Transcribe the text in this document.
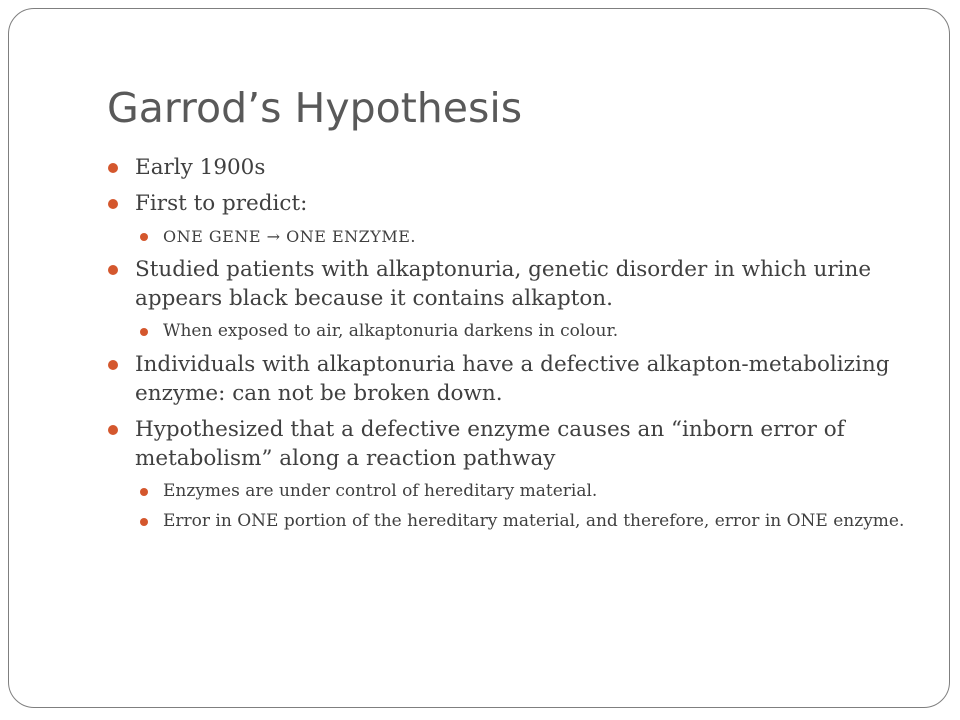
Garrod’s Hypothesis
Early 1900s
First to predict:
ONE GENE → ONE ENZYME.
Studied patients with alkaptonuria, genetic disorder in which urine appears black because it contains alkapton.
When exposed to air, alkaptonuria darkens in colour.
Individuals with alkaptonuria have a defective alkapton-metabolizing enzyme: can not be broken down.
Hypothesized that a defective enzyme causes an “inborn error of metabolism” along a reaction pathway
Enzymes are under control of hereditary material.
Error in ONE portion of the hereditary material, and therefore, error in ONE enzyme.
